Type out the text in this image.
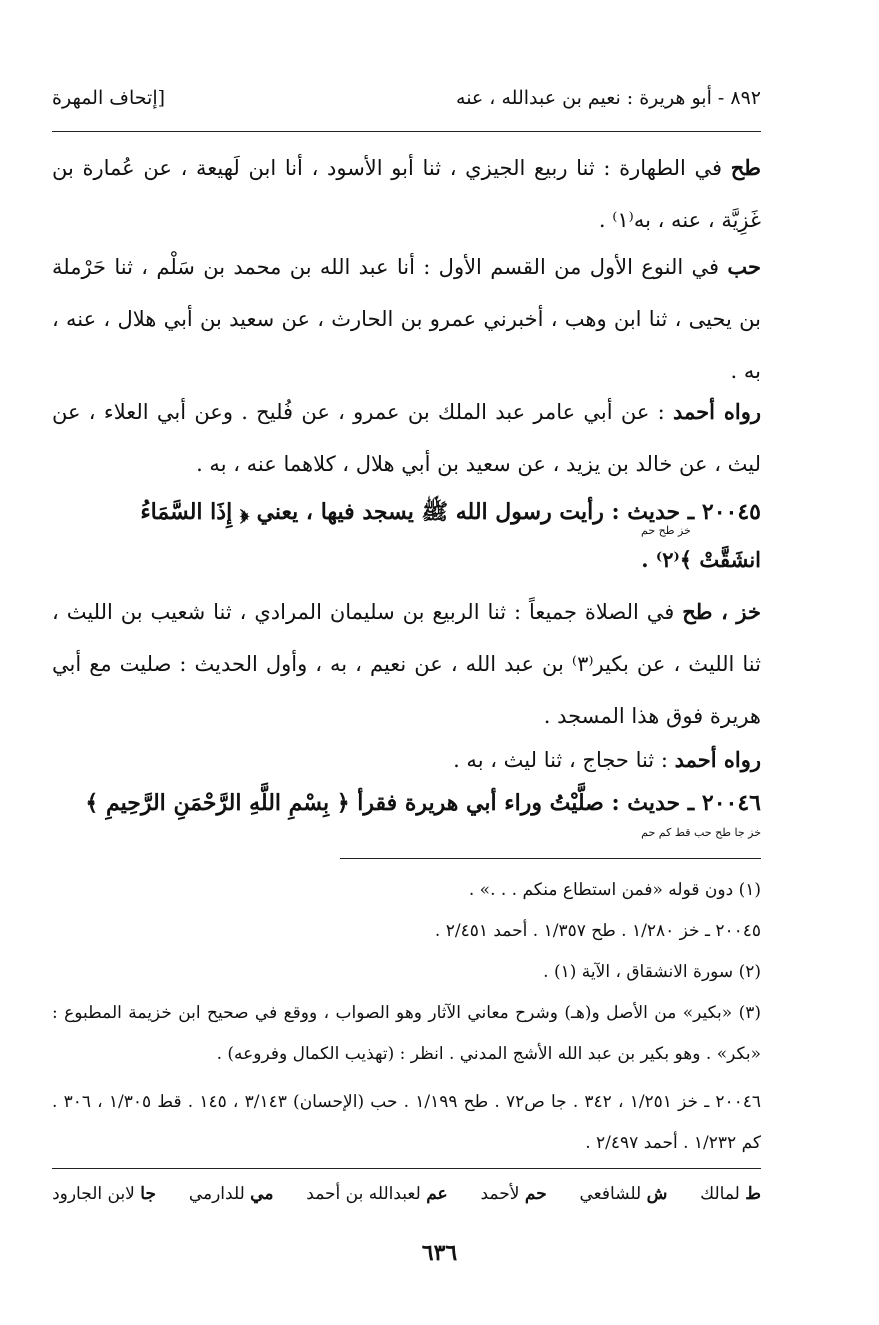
٨٩٢ - أبو هريرة : نعيم بن عبدالله ، عنه
[إتحاف المهرة
طح في الطهارة : ثنا ربيع الجيزي ، ثنا أبو الأسود ، أنا ابن لَهيعة ، عن عُمارة بن غَزِيَّة ، عنه ، به⁽١⁾ .
حب في النوع الأول من القسم الأول : أنا عبد الله بن محمد بن سَلْم ، ثنا حَرْملة بن يحيى ، ثنا ابن وهب ، أخبرني عمرو بن الحارث ، عن سعيد بن أبي هلال ، عنه ، به .
رواه أحمد : عن أبي عامر عبد الملك بن عمرو ، عن فُليح . وعن أبي العلاء ، عن ليث ، عن خالد بن يزيد ، عن سعيد بن أبي هلال ، كلاهما عنه ، به .
٢٠٠٤٥ ـ حديث : رأيت رسول الله ﷺ يسجد فيها ، يعني ﴿ إِذَا السَّمَاءُ
خز طح حم
انشَقَّتْ ﴾⁽٢⁾ .
خز ، طح في الصلاة جميعاً : ثنا الربيع بن سليمان المرادي ، ثنا شعيب بن الليث ، ثنا الليث ، عن بكير⁽٣⁾ بن عبد الله ، عن نعيم ، به ، وأول الحديث : صليت مع أبي هريرة فوق هذا المسجد .
رواه أحمد : ثنا حجاج ، ثنا ليث ، به .
٢٠٠٤٦ ـ حديث : صلَّيْتُ وراء أبي هريرة فقرأ ﴿ بِسْمِ اللَّهِ الرَّحْمَنِ الرَّحِيمِ ﴾
خز جا طح حب قط كم حم
(١) دون قوله «فمن استطاع منكم . . .» .
٢٠٠٤٥ ـ خز ١/٢٨٠ . طح ١/٣٥٧ . أحمد ٢/٤٥١ .
(٢) سورة الانشقاق ، الآية (١) .
(٣) «بكير» من الأصل و(هـ) وشرح معاني الآثار وهو الصواب ، ووقع في صحيح ابن خزيمة المطبوع : «بكر» . وهو بكير بن عبد الله الأشج المدني . انظر : (تهذيب الكمال وفروعه) .
٢٠٠٤٦ ـ خز ١/٢٥١ ، ٣٤٢ . جا ص٧٢ . طح ١/١٩٩ . حب (الإحسان) ٣/١٤٣ ، ١٤٥ . قط ١/٣٠٥ ، ٣٠٦ . كم ١/٢٣٢ . أحمد ٢/٤٩٧ .
ط لمالك
ش للشافعي
حم لأحمد
عم لعبدالله بن أحمد
مي للدارمي
جا لابن الجارود
٦٣٦
